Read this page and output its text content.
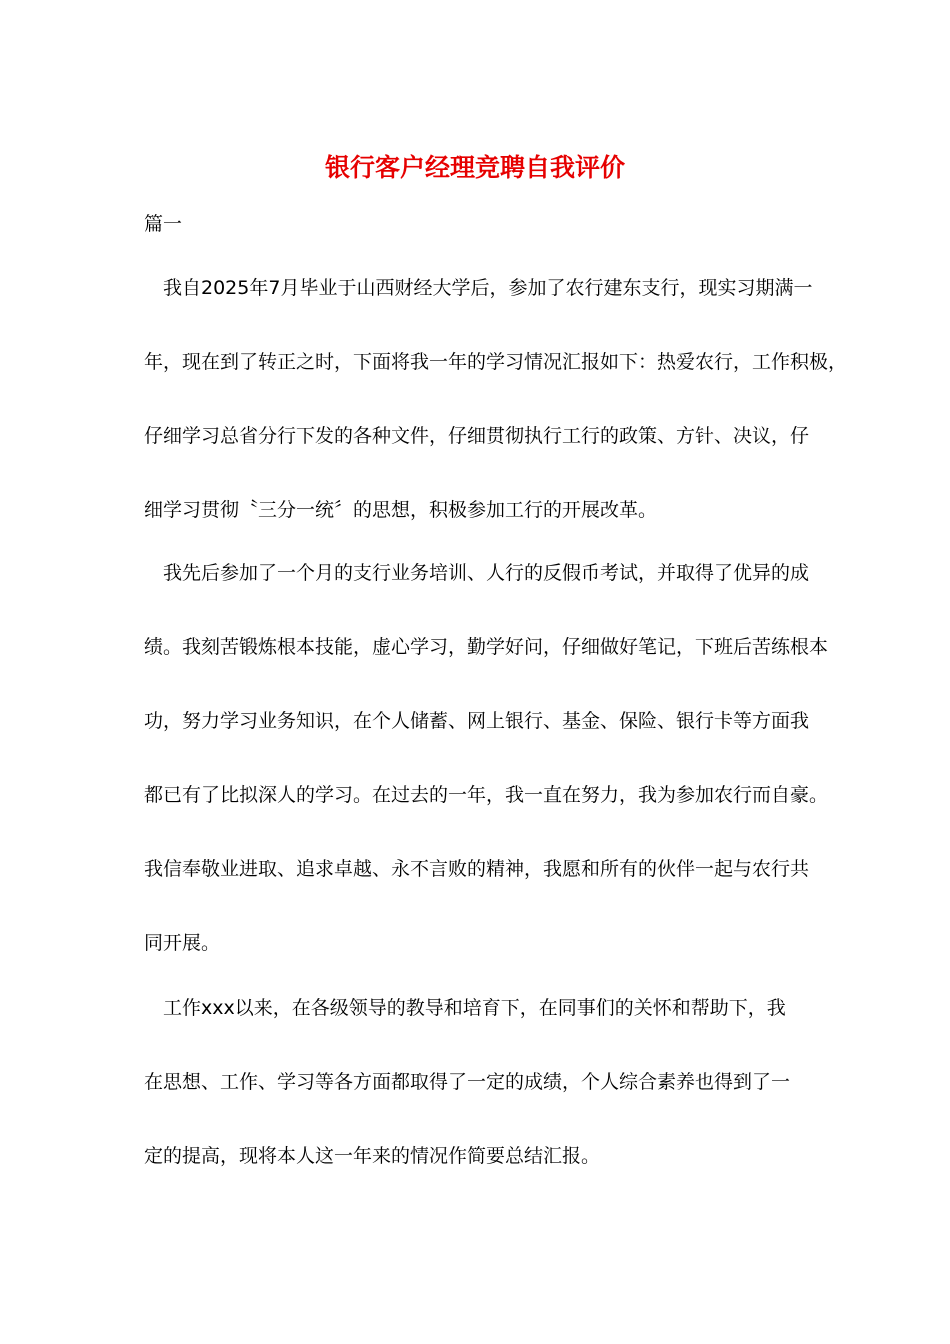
银行客户经理竞聘自我评价

篇一

我自2025年7月毕业于山西财经大学后，参加了农行建东支行，现实习期满一

年，现在到了转正之时，下面将我一年的学习情况汇报如下：热爱农行，工作积极，

仔细学习总省分行下发的各种文件，仔细贯彻执行工行的政策、方针、决议，仔

细学习贯彻〝三分一统〞的思想，积极参加工行的开展改革。

我先后参加了一个月的支行业务培训、人行的反假币考试，并取得了优异的成

绩。我刻苦锻炼根本技能，虚心学习，勤学好问，仔细做好笔记，下班后苦练根本

功，努力学习业务知识，在个人储蓄、网上银行、基金、保险、银行卡等方面我

都已有了比拟深人的学习。在过去的一年，我一直在努力，我为参加农行而自豪。

我信奉敬业进取、追求卓越、永不言败的精神，我愿和所有的伙伴一起与农行共

同开展。

工作xxx以来，在各级领导的教导和培育下，在同事们的关怀和帮助下，我

在思想、工作、学习等各方面都取得了一定的成绩，个人综合素养也得到了一

定的提高，现将本人这一年来的情况作简要总结汇报。
